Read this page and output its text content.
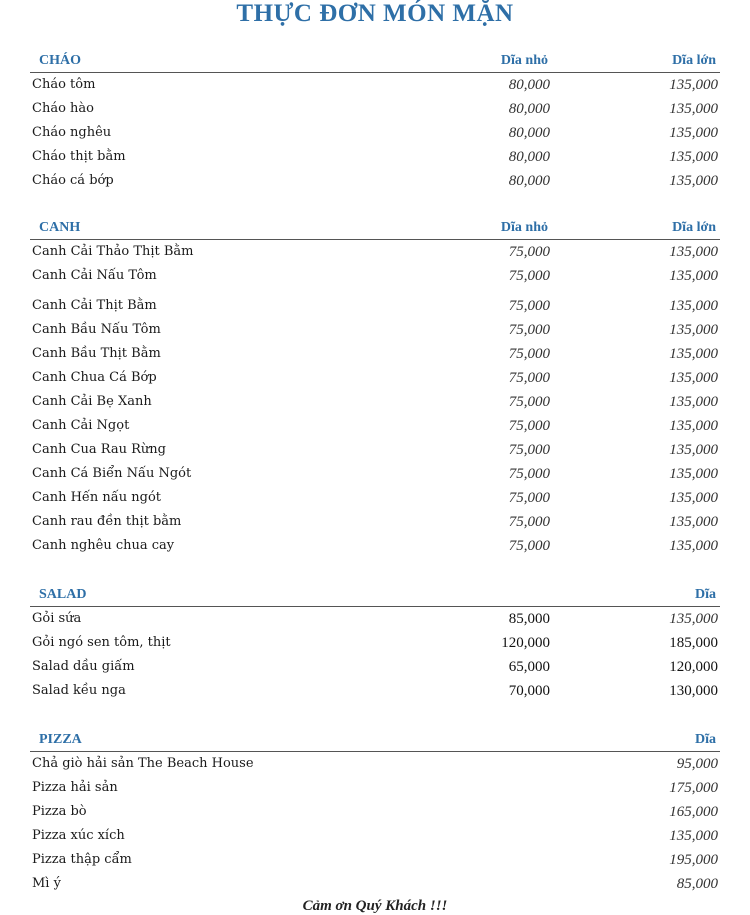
THỰC ĐƠN MÓN MẶN
CHÁO	Dĩa nhỏ	Dĩa lớn
Cháo tôm	80,000	135,000
Cháo hào	80,000	135,000
Cháo nghêu	80,000	135,000
Cháo thịt bằm	80,000	135,000
Cháo cá bớp	80,000	135,000
CANH	Dĩa nhỏ	Dĩa lớn
Canh Cải Thảo Thịt Bằm	75,000	135,000
Canh Cải Nấu Tôm	75,000	135,000
Canh Cải Thịt Bằm	75,000	135,000
Canh Bầu Nấu Tôm	75,000	135,000
Canh Bầu Thịt Bằm	75,000	135,000
Canh Chua Cá Bớp	75,000	135,000
Canh Cải Bẹ Xanh	75,000	135,000
Canh Cải Ngọt	75,000	135,000
Canh Cua Rau Rừng	75,000	135,000
Canh Cá Biển Nấu Ngót	75,000	135,000
Canh Hến nấu ngót	75,000	135,000
Canh rau đền thịt bằm	75,000	135,000
Canh nghêu chua cay	75,000	135,000
SALAD	Dĩa
Gỏi sứa	85,000	135,000
Gỏi ngó sen tôm, thịt	120,000	185,000
Salad dầu giấm	65,000	120,000
Salad kều nga	70,000	130,000
PIZZA	Dĩa
Chả giò hải sản The Beach House	95,000
Pizza hải sản	175,000
Pizza bò	165,000
Pizza xúc xích	135,000
Pizza thập cẩm	195,000
Mì ý	85,000
Cảm ơn Quý Khách !!!
